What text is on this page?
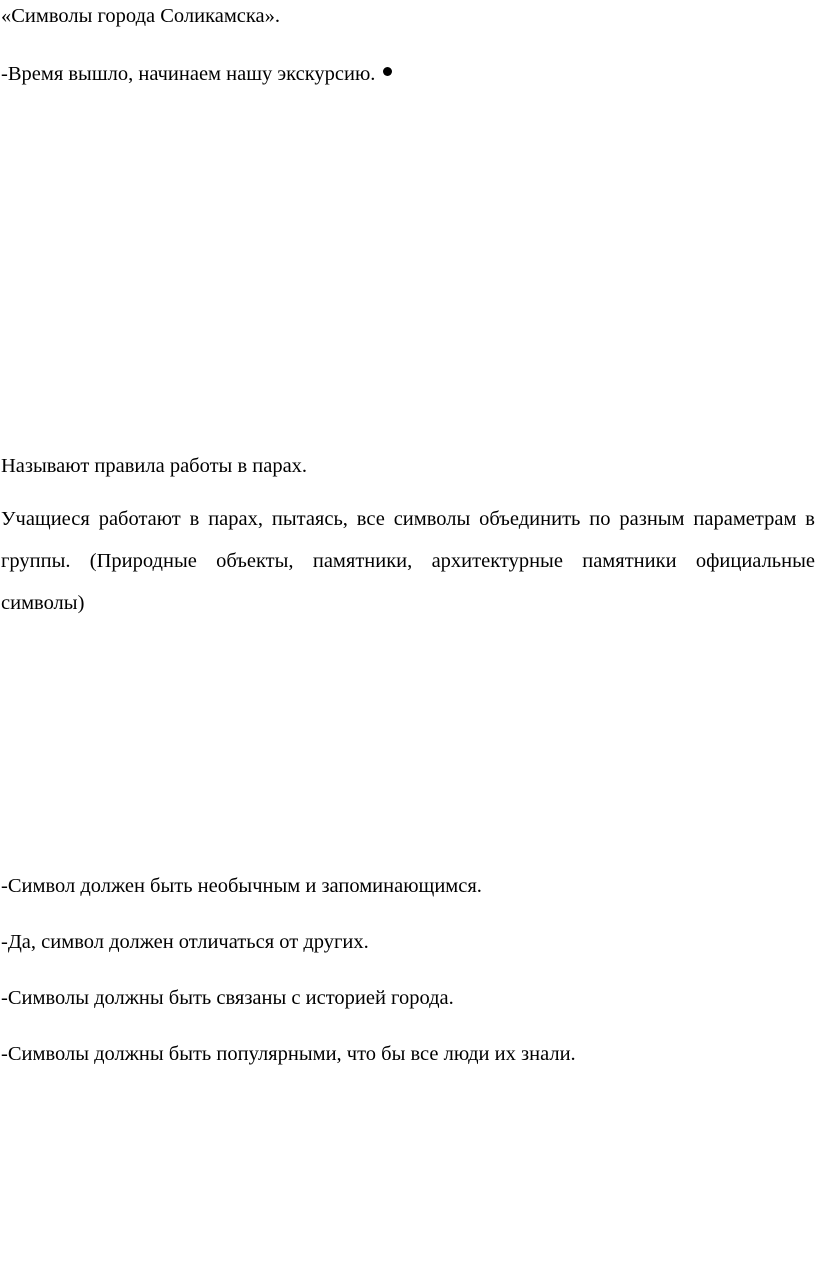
«Символы города Соликамска».
-Время вышло, начинаем нашу экскурсию.
Называют правила работы в парах.
Учащиеся работают в парах, пытаясь, все символы объединить по разным параметрам в группы. (Природные объекты, памятники, архитектурные памятники официальные символы)
-Символ должен быть необычным и запоминающимся.
-Да, символ должен отличаться от других.
-Символы должны быть связаны с историей города.
-Символы должны быть популярными, что бы все люди их знали.
